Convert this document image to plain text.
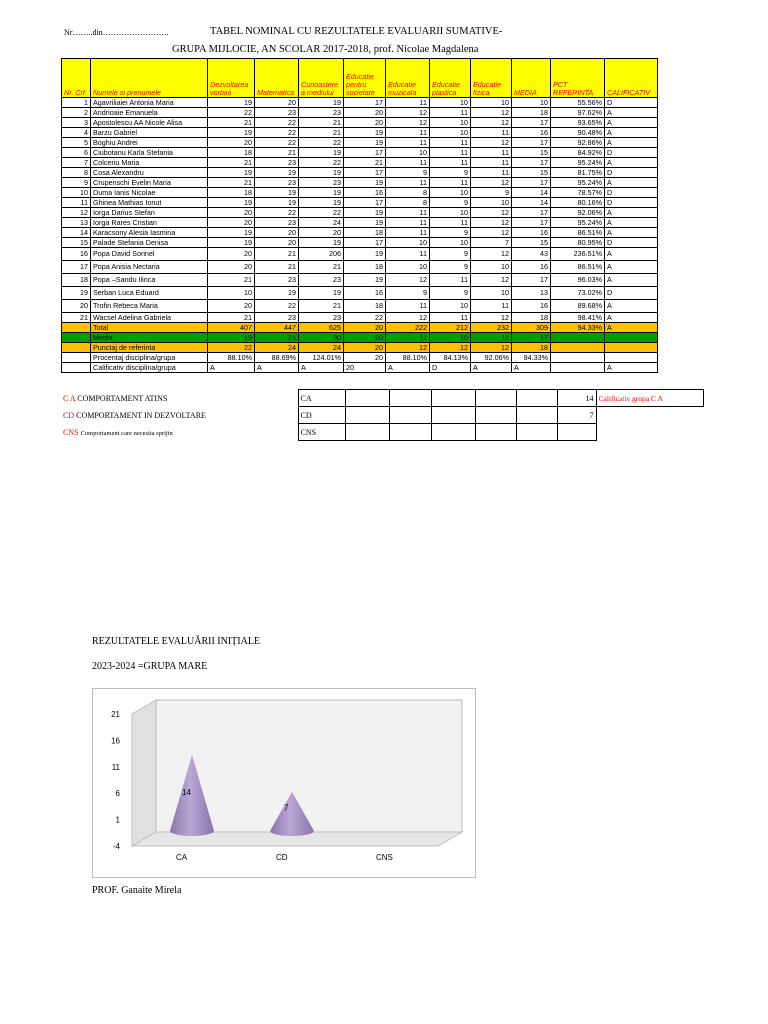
Nr……..din…………………….	TABEL NOMINAL CU REZULTATELE EVALUARII SUMATIVE-
GRUPA MIJLOCIE, AN SCOLAR 2017-2018, prof. Nicolae Magdalena
Nr. Crt	Numele si prenumele	Dezvoltarea vorbirii	Matematica	Cunoastere a mediului	Educatie pentru societate	Educatie muzicala	Educatie plastica	Educatie fizica	MEDIA	PCT REFERINTA	CALIFICATIV
1	Agavriliaiei Antonia Maria	19	20	19	17	11	10	10	10	55.56%	D
2	Andrioaie Emanuela	22	23	23	20	12	11	12	18	97.62%	A
3	Apostolescu AA Nicole Alisa	21	22	21	20	12	10	12	17	93.65%	A
4	Barzu Gabriel	19	22	21	19	11	10	11	16	90.48%	A
5	Boghiu Andrei	20	22	22	19	11	11	12	17	92.86%	A
6	Ciubotanu Karla Stefania	18	21	19	17	10	11	11	15	84.92%	D
7	Colceriu Maria	21	23	22	21	11	11	11	17	95.24%	A
8	Cosa Alexandru	19	19	19	17	9	9	11	15	81.75%	D
9	Crupenschi Evelin Maria	21	23	23	19	11	11	12	17	95.24%	A
10	Duma Ianis Nicolae	18	19	19	16	8	10	9	14	78.57%	D
11	Ghinea Mathias Ionut	19	19	19	17	8	9	10	14	80.16%	D
12	Iorga Darius Stefan	20	22	22	19	11	10	12	17	92.06%	A
13	Iorga Rares Cristian	20	23	24	19	11	11	12	17	95.24%	A
14	Karacsony Alesia Iasmina	19	20	20	18	11	9	12	16	86.51%	A
15	Palade Stefania Denisa	19	20	19	17	10	10	7	15	80.95%	D
16	Popa David Sorinel	20	21	206	19	11	9	12	43	236.51%	A
17	Popa Anisia Nectaria	20	21	21	18	10	9	10	16	86.51%	A
18	Popa –Sandu Ilinca	21	23	23	19	12	11	12	17	96.03%	A
19	Serban Luca Eduard	10	19	19	16	9	9	10	13	73.02%	D
20	Trofin Rebeca Maria	20	22	21	18	11	10	11	16	89.68%	A
21	Wacsel Adelina Gabriela	21	23	23	22	12	11	12	18	98.41%	A
	Total	407	447	625	20	222	212	232	309	94.33%	A
	Media	19	21	30	20	11	10	11	17		
	Punctaj de referinta	22	24	24	20	12	12	12	18		
	Procentaj disciplina/grupa	88.10%	88.69%	124.01%	20	88.10%	84.13%	92.06%	94.33%		
	Calificativ disciplina/grupa	A	A	A	20	A	D	A	A		A
C A COMPORTAMENT ATINS	CA						14	Calificativ grupa C A
CD COMPORTAMENT IN DEZVOLTARE	CD						7	
CNS Comportament care necesita sprijin	CNS							
REZULTATELE EVALUĂRII INIȚIALE
2023-2024 =GRUPA MARE
-4
1
6
11
16
21
14
CA
7
CD	CNS
PROF. Ganaite Mirela
